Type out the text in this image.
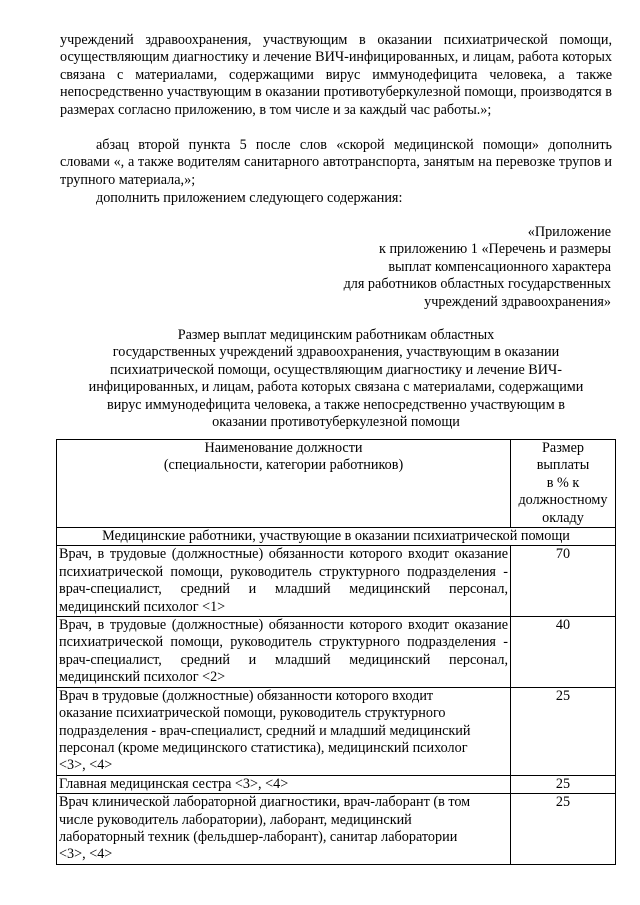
учреждений здравоохранения, участвующим в оказании психиатрической помощи, осуществляющим диагностику и лечение ВИЧ-инфицированных, и лицам, работа которых связана с материалами, содержащими вирус иммунодефицита человека, а также непосредственно участвующим в оказании противотуберкулезной помощи, производятся в размерах согласно приложению, в том числе и за каждый час работы.»;

абзац второй пункта 5 после слов «скорой медицинской помощи» дополнить словами «, а также водителям санитарного автотранспорта, занятым на перевозке трупов и трупного материала,»;

дополнить приложением следующего содержания:

«Приложение
к приложению 1 «Перечень и размеры
выплат компенсационного характера
для работников областных государственных
учреждений здравоохранения»
Размер выплат медицинским работникам областных
государственных учреждений здравоохранения, участвующим в оказании
психиатрической помощи, осуществляющим диагностику и лечение ВИЧ-
инфицированных, и лицам, работа которых связана с материалами, содержащими
вирус иммунодефицита человека, а также непосредственно участвующим в
оказании противотуберкулезной помощи
Наименование должности
(специальности, категории работников)	Размер
выплаты
в % к
должностному
окладу

Медицинские работники, участвующие в оказании психиатрической помощи	
Врач, в трудовые (должностные) обязанности которого входит оказание психиатрической помощи, руководитель структурного подразделения - врач-специалист, средний и младший медицинский персонал, медицинский психолог <1>	70
Врач, в трудовые (должностные) обязанности которого входит оказание психиатрической помощи, руководитель структурного подразделения - врач-специалист, средний и младший медицинский персонал, медицинский психолог <2>	40
Врач в трудовые (должностные) обязанности которого входит
оказание психиатрической помощи, руководитель структурного
подразделения - врач-специалист, средний и младший медицинский
персонал (кроме медицинского статистика), медицинский психолог
<3>, <4>	25
Главная медицинская сестра <3>, <4>	25
Врач клинической лабораторной диагностики, врач-лаборант (в том
числе руководитель лаборатории), лаборант, медицинский
лабораторный техник (фельдшер-лаборант), санитар лаборатории
<3>, <4>	25
